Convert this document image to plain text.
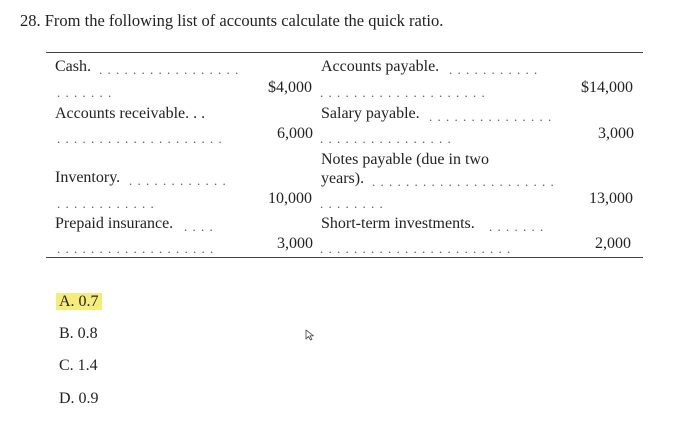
28. From the following list of accounts calculate the quick ratio.
Cash. . . . . . . . . . . . . . . . . .
. . . . . . .	$4,000
Accounts receivable. . .
. . . . . . . . . . . . . . . . . . . .	6,000
Inventory. . . . . . . . . . . . .
. . . . . . . . . . . .	10,000
Prepaid insurance. . . . .
. . . . . . . . . . . . . . . . . . .	3,000
Accounts payable. . . . . . . . . . . .
. . . . . . . . . . . . . . . . . . . .	$14,000
Salary payable. . . . . . . . . . . . . . . .
. . . . . . . . . . . . . . . .	3,000
Notes payable (due in two
years). . . . . . . . . . . . . . . . . . . . . . .
. . . . . . . .	13,000
Short-term investments. . . . . . . .
. . . . . . . . . . . . . . . . . . . . . . .	2,000
A. 0.7
B. 0.8
C. 1.4
D. 0.9
